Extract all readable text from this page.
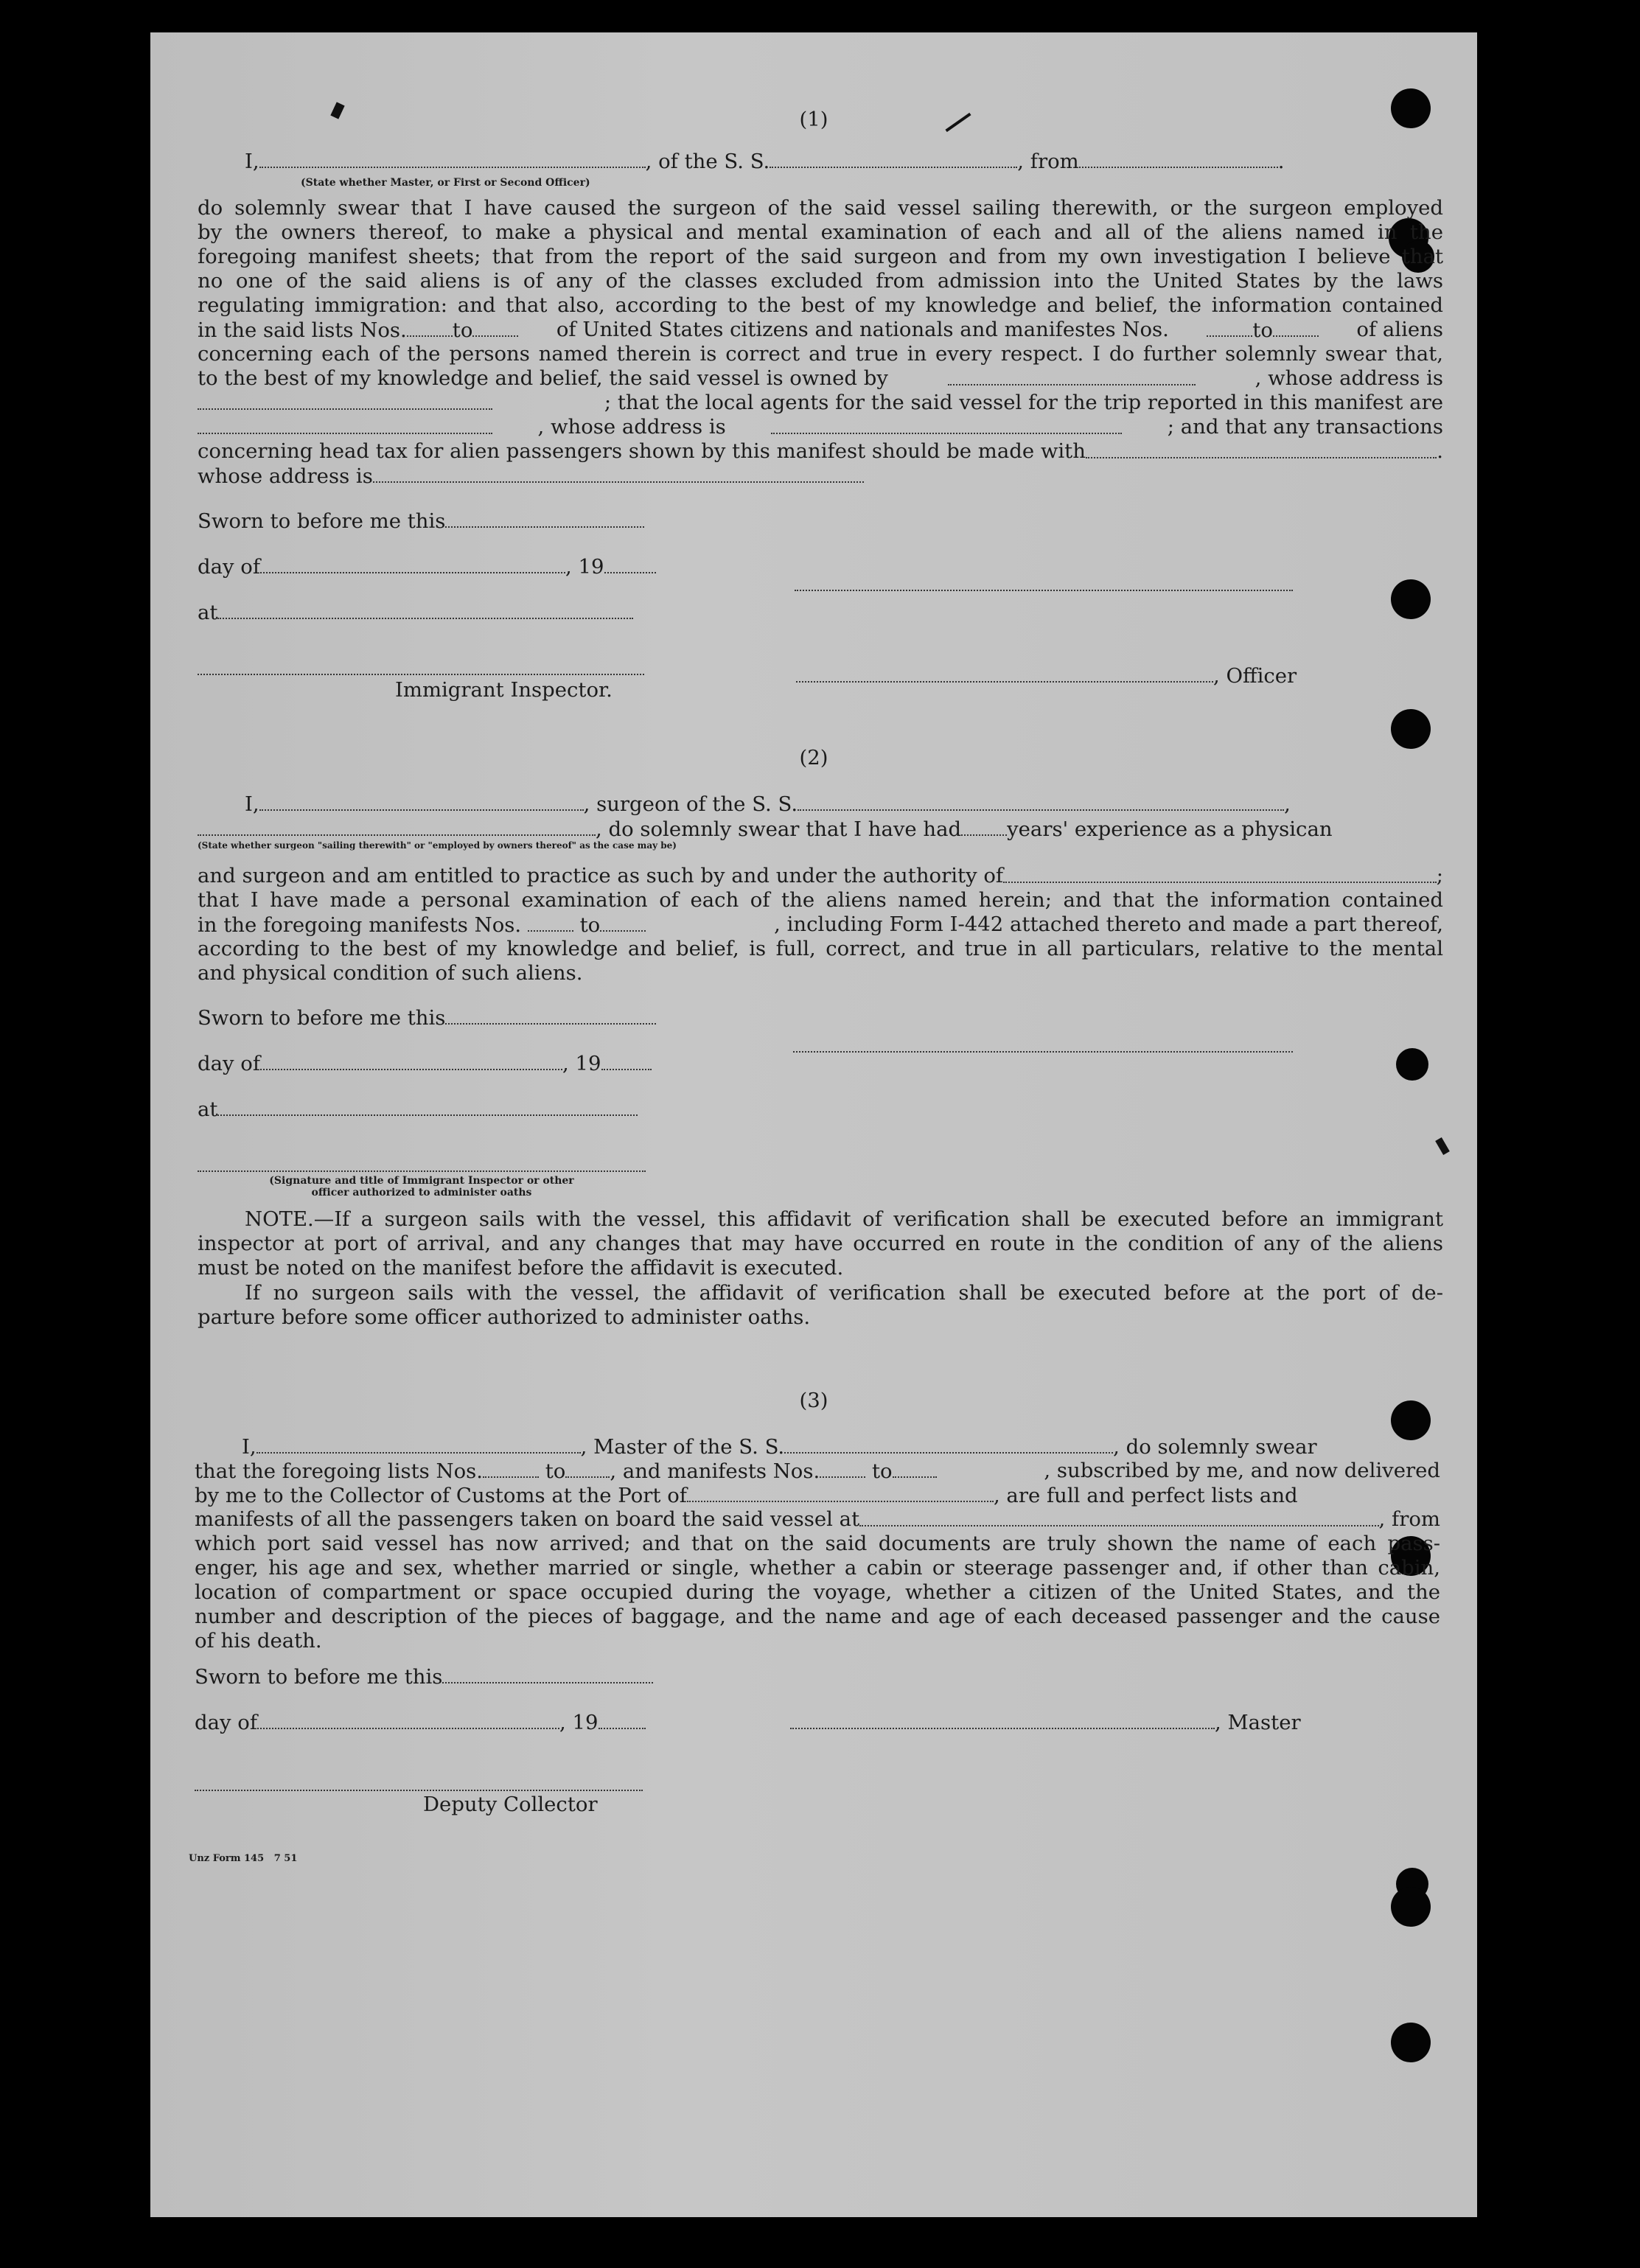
(1)
I,	, of the S. S.	, from	.
(State whether Master, or First or Second Officer)
do solemnly swear that I have caused the surgeon of the said vessel sailing therewith, or the surgeon employed
by the owners thereof, to make a physical and mental examination of each and all of the aliens named in the
foregoing manifest sheets; that from the report of the said surgeon and from my own investigation I believe that
no one of the said aliens is of any of the classes excluded from admission into the United States by the laws
regulating immigration: and that also, according to the best of my knowledge and belief, the information contained
in the said lists Nos. to	of United States citizens and nationals and manifestes Nos.	to	of aliens
concerning each of the persons named therein is correct and true in every respect. I do further solemnly swear that,
to the best of my knowledge and belief, the said vessel is owned by	, whose address is
; that the local agents for the said vessel for the trip reported in this manifest are
, whose address is	; and that any transactions
concerning head tax for alien passengers shown by this manifest should be made with	.
whose address is
Sworn to before me this
day of	, 19
at
, Officer
Immigrant Inspector.
(2)
I,	, surgeon of the S. S.	,
, do solemnly swear that I have had years' experience as a physican
(State whether surgeon "sailing therewith" or "employed by owners thereof" as the case may be)
and surgeon and am entitled to practice as such by and under the authority of	;
that I have made a personal examination of each of the aliens named herein; and that the information contained
in the foregoing manifests Nos.	to	, including Form I-442 attached thereto and made a part thereof,
according to the best of my knowledge and belief, is full, correct, and true in all particulars, relative to the mental
and physical condition of such aliens.
Sworn to before me this
day of	, 19
at
(Signature and title of Immigrant Inspector or other
officer authorized to administer oaths
NOTE.—If a surgeon sails with the vessel, this affidavit of verification shall be executed before an immigrant
inspector at port of arrival, and any changes that may have occurred en route in the condition of any of the aliens
must be noted on the manifest before the affidavit is executed.
If no surgeon sails with the vessel, the affidavit of verification shall be executed before at the port of de-
parture before some officer authorized to administer oaths.
(3)
I,	, Master of the S. S.	, do solemnly swear
that the foregoing lists Nos.	to , and manifests Nos.	to	, subscribed by me, and now delivered
by me to the Collector of Customs at the Port of	, are full and perfect lists and
manifests of all the passengers taken on board the said vessel at	, from
which port said vessel has now arrived; and that on the said documents are truly shown the name of each pass-
enger, his age and sex, whether married or single, whether a cabin or steerage passenger and, if other than cabin,
location of compartment or space occupied during the voyage, whether a citizen of the United States, and the
number and description of the pieces of baggage, and the name and age of each deceased passenger and the cause
of his death.
Sworn to before me this
day of	, 19	, Master
Deputy Collector
Unz Form 145   7 51
